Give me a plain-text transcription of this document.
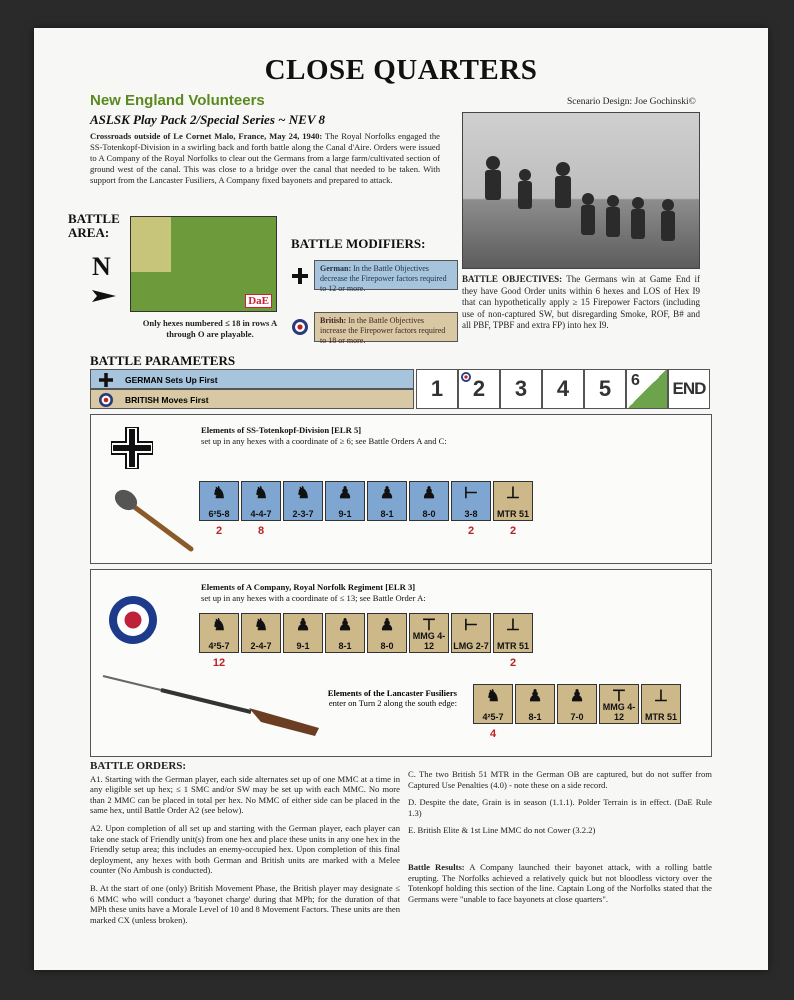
CLOSE QUARTERS
New England Volunteers	Scenario Design: Joe Gochinski©
ASLSK Play Pack 2/Special Series ~ NEV 8
Crossroads outside of Le Cornet Malo, France, May 24, 1940: The Royal Norfolks engaged the SS-Totenkopf-Division in a swirling back and forth battle along the Canal d'Aire. Orders were issued to A Company of the Royal Norfolks to clear out the Germans from a large farm/cultivated section of ground west of the canal. This was close to a bridge over the canal that needed to be taken. With support from the Lancaster Fusiliers, A Company fixed bayonets and prepared to attack.
BATTLE OBJECTIVES: The Germans win at Game End if they have Good Order units within 6 hexes and LOS of Hex I9 that can hypothetically apply ≥ 15 Firepower Factors (including use of non-captured SW, but disregarding Smoke, ROF, B# and all PBF, TPBF and extra FP) into hex I9.
BATTLE AREA:
N
DaE
Only hexes numbered ≤ 18 in rows A through O are playable.
BATTLE MODIFIERS:
German: In the Battle Objectives decrease the Firepower factors required to 12 or more.
British: In the Battle Objectives increase the Firepower factors required to 18 or more.
BATTLE PARAMETERS
GERMAN Sets Up First
BRITISH Moves First	1	2	3	4	5	6 END
Elements of SS-Totenkopf-Division [ELR 5]
set up in any hexes with a coordinate of ≥ 6; see Battle Orders A and C:
♞
6²5-8
♞
4-4-7
♞
2-3-7
♟
9-1
♟
8-1
♟
8-0
⊢
3-8
⊥
MTR 51
2	8	2	2
Elements of A Company, Royal Norfolk Regiment [ELR 3]
set up in any hexes with a coordinate of ≤ 13; see Battle Order A:
♞
4²5-7
♞
2-4-7
♟
9-1
♟
8-1
♟
8-0
⊤
MMG 4-12
⊢
LMG 2-7
⊥
MTR 51
12	2
Elements of the Lancaster Fusiliers
enter on Turn 2 along the south edge:	♞
4²5-7
♟
8-1
♟
7-0
⊤
MMG 4-12
⊥
MTR 51
4
BATTLE ORDERS:

A1. Starting with the German player, each side alternates set up of one MMC at a time in any eligible set up hex; ≤ 1 SMC and/or SW may be set up with each MMC. No more than 2 MMC can be placed in total per hex. No MMC of either side can be placed in the same hex, until Battle Order A2 (see below).

A2. Upon completion of all set up and starting with the German player, each player can take one stack of Friendly unit(s) from one hex and place these units in any one hex in the Friendly setup area; this includes an enemy-occupied hex. Upon completion of this final deployment, any hexes with both German and British units are marked with a Melee counter (No Ambush is conducted).

B. At the start of one (only) British Movement Phase, the British player may designate ≤ 6 MMC who will conduct a 'bayonet charge' during that MPh; for the duration of that MPh these units have a Morale Level of 10 and 8 Movement Factors. These units are then marked CX (unless broken).

C. The two British 51 MTR in the German OB are captured, but do not suffer from Captured Use Penalties (4.0) - note these on a side record.

D. Despite the date, Grain is in season (1.1.1). Polder Terrain is in effect. (DaE Rule 1.3)

E. British Elite & 1st Line MMC do not Cower (3.2.2)

Battle Results: A Company launched their bayonet attack, with a rolling battle erupting. The Norfolks achieved a relatively quick but not bloodless victory over the Totenkopf holding this section of the line. Captain Long of the Norfolks stated that the Germans were "unable to face bayonets at close quarters".
